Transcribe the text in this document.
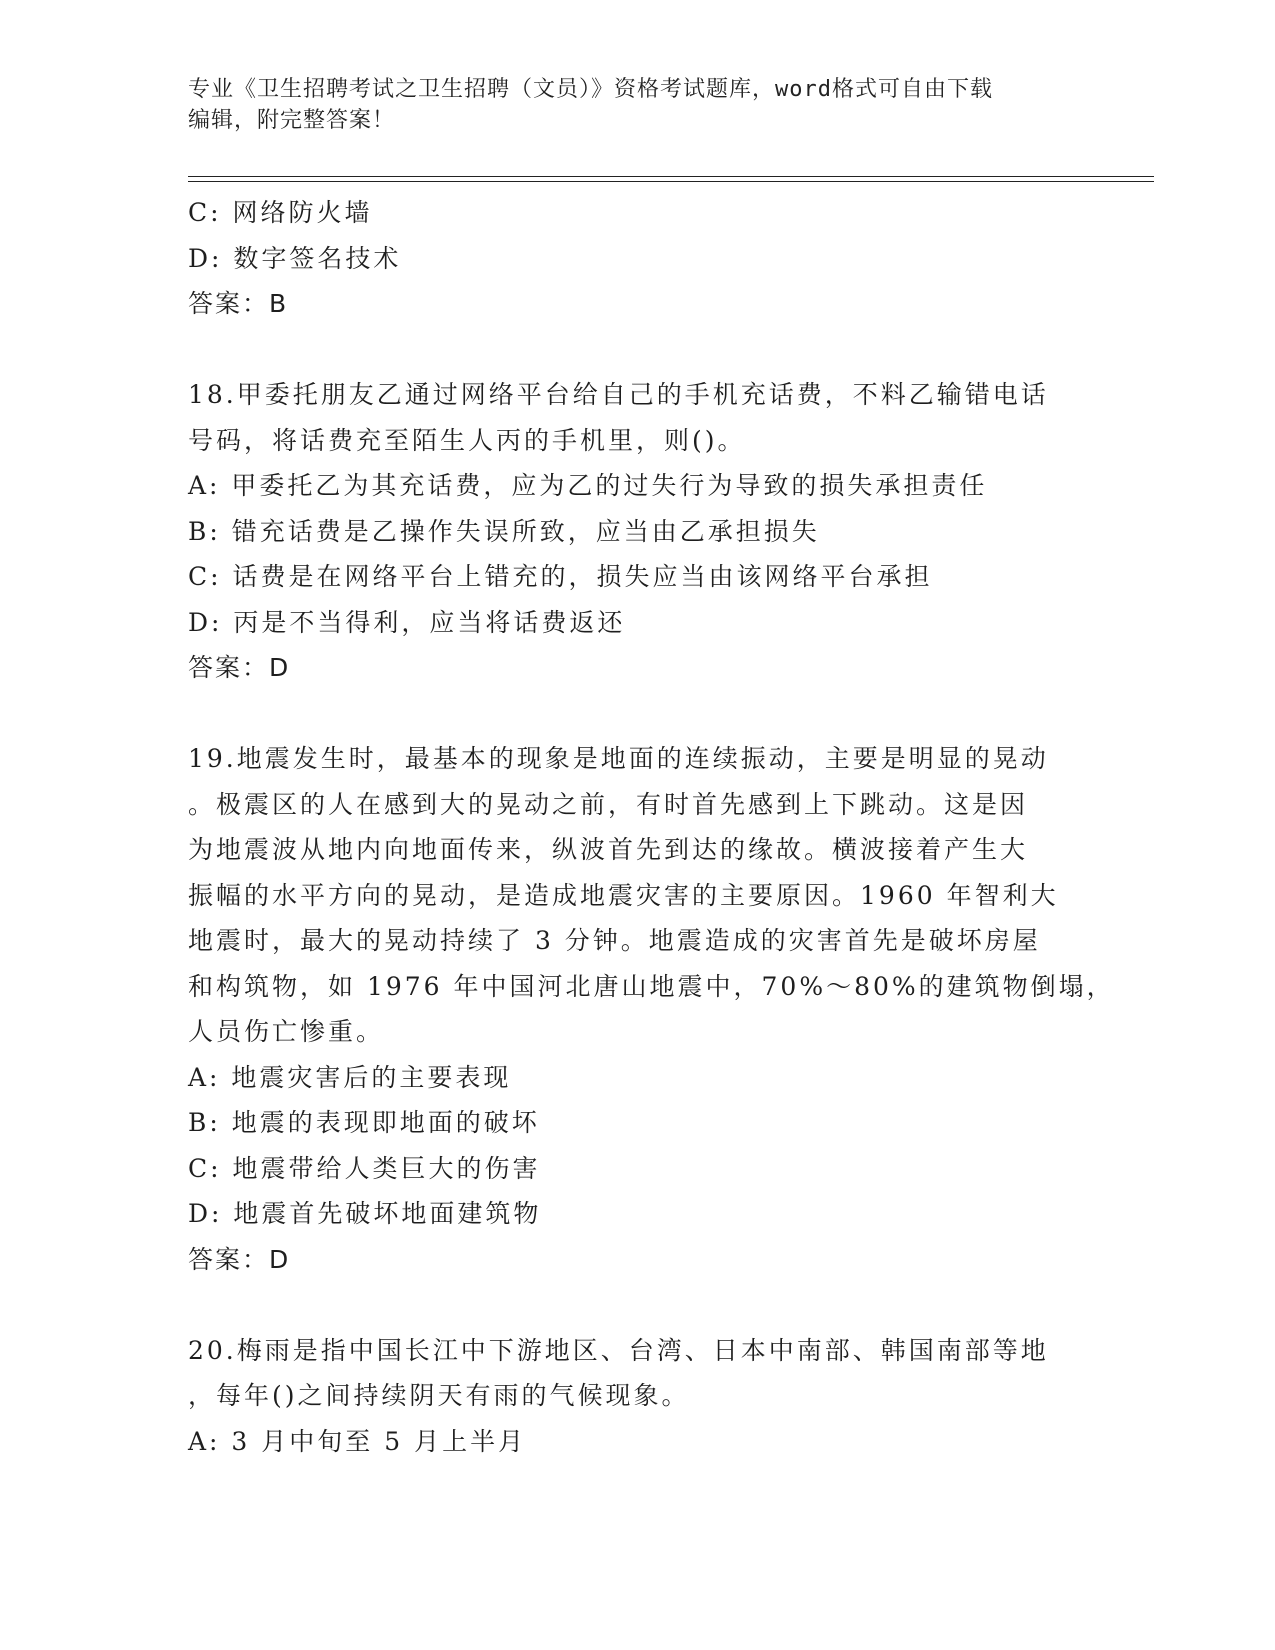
专业《卫生招聘考试之卫生招聘（文员）》资格考试题库，word格式可自由下载
编辑，附完整答案！
C: 网络防火墙
D: 数字签名技术
答案：B
18.甲委托朋友乙通过网络平台给自己的手机充话费，不料乙输错电话
号码，将话费充至陌生人丙的手机里，则()。
A: 甲委托乙为其充话费，应为乙的过失行为导致的损失承担责任
B: 错充话费是乙操作失误所致，应当由乙承担损失
C: 话费是在网络平台上错充的，损失应当由该网络平台承担
D: 丙是不当得利，应当将话费返还
答案：D
19.地震发生时，最基本的现象是地面的连续振动，主要是明显的晃动
。极震区的人在感到大的晃动之前，有时首先感到上下跳动。这是因
为地震波从地内向地面传来，纵波首先到达的缘故。横波接着产生大
振幅的水平方向的晃动，是造成地震灾害的主要原因。1960 年智利大
地震时，最大的晃动持续了 3 分钟。地震造成的灾害首先是破坏房屋
和构筑物，如 1976 年中国河北唐山地震中，70%～80%的建筑物倒塌，
人员伤亡惨重。
A: 地震灾害后的主要表现
B: 地震的表现即地面的破坏
C: 地震带给人类巨大的伤害
D: 地震首先破坏地面建筑物
答案：D
20.梅雨是指中国长江中下游地区、台湾、日本中南部、韩国南部等地
，每年()之间持续阴天有雨的气候现象。
A: 3 月中旬至 5 月上半月
